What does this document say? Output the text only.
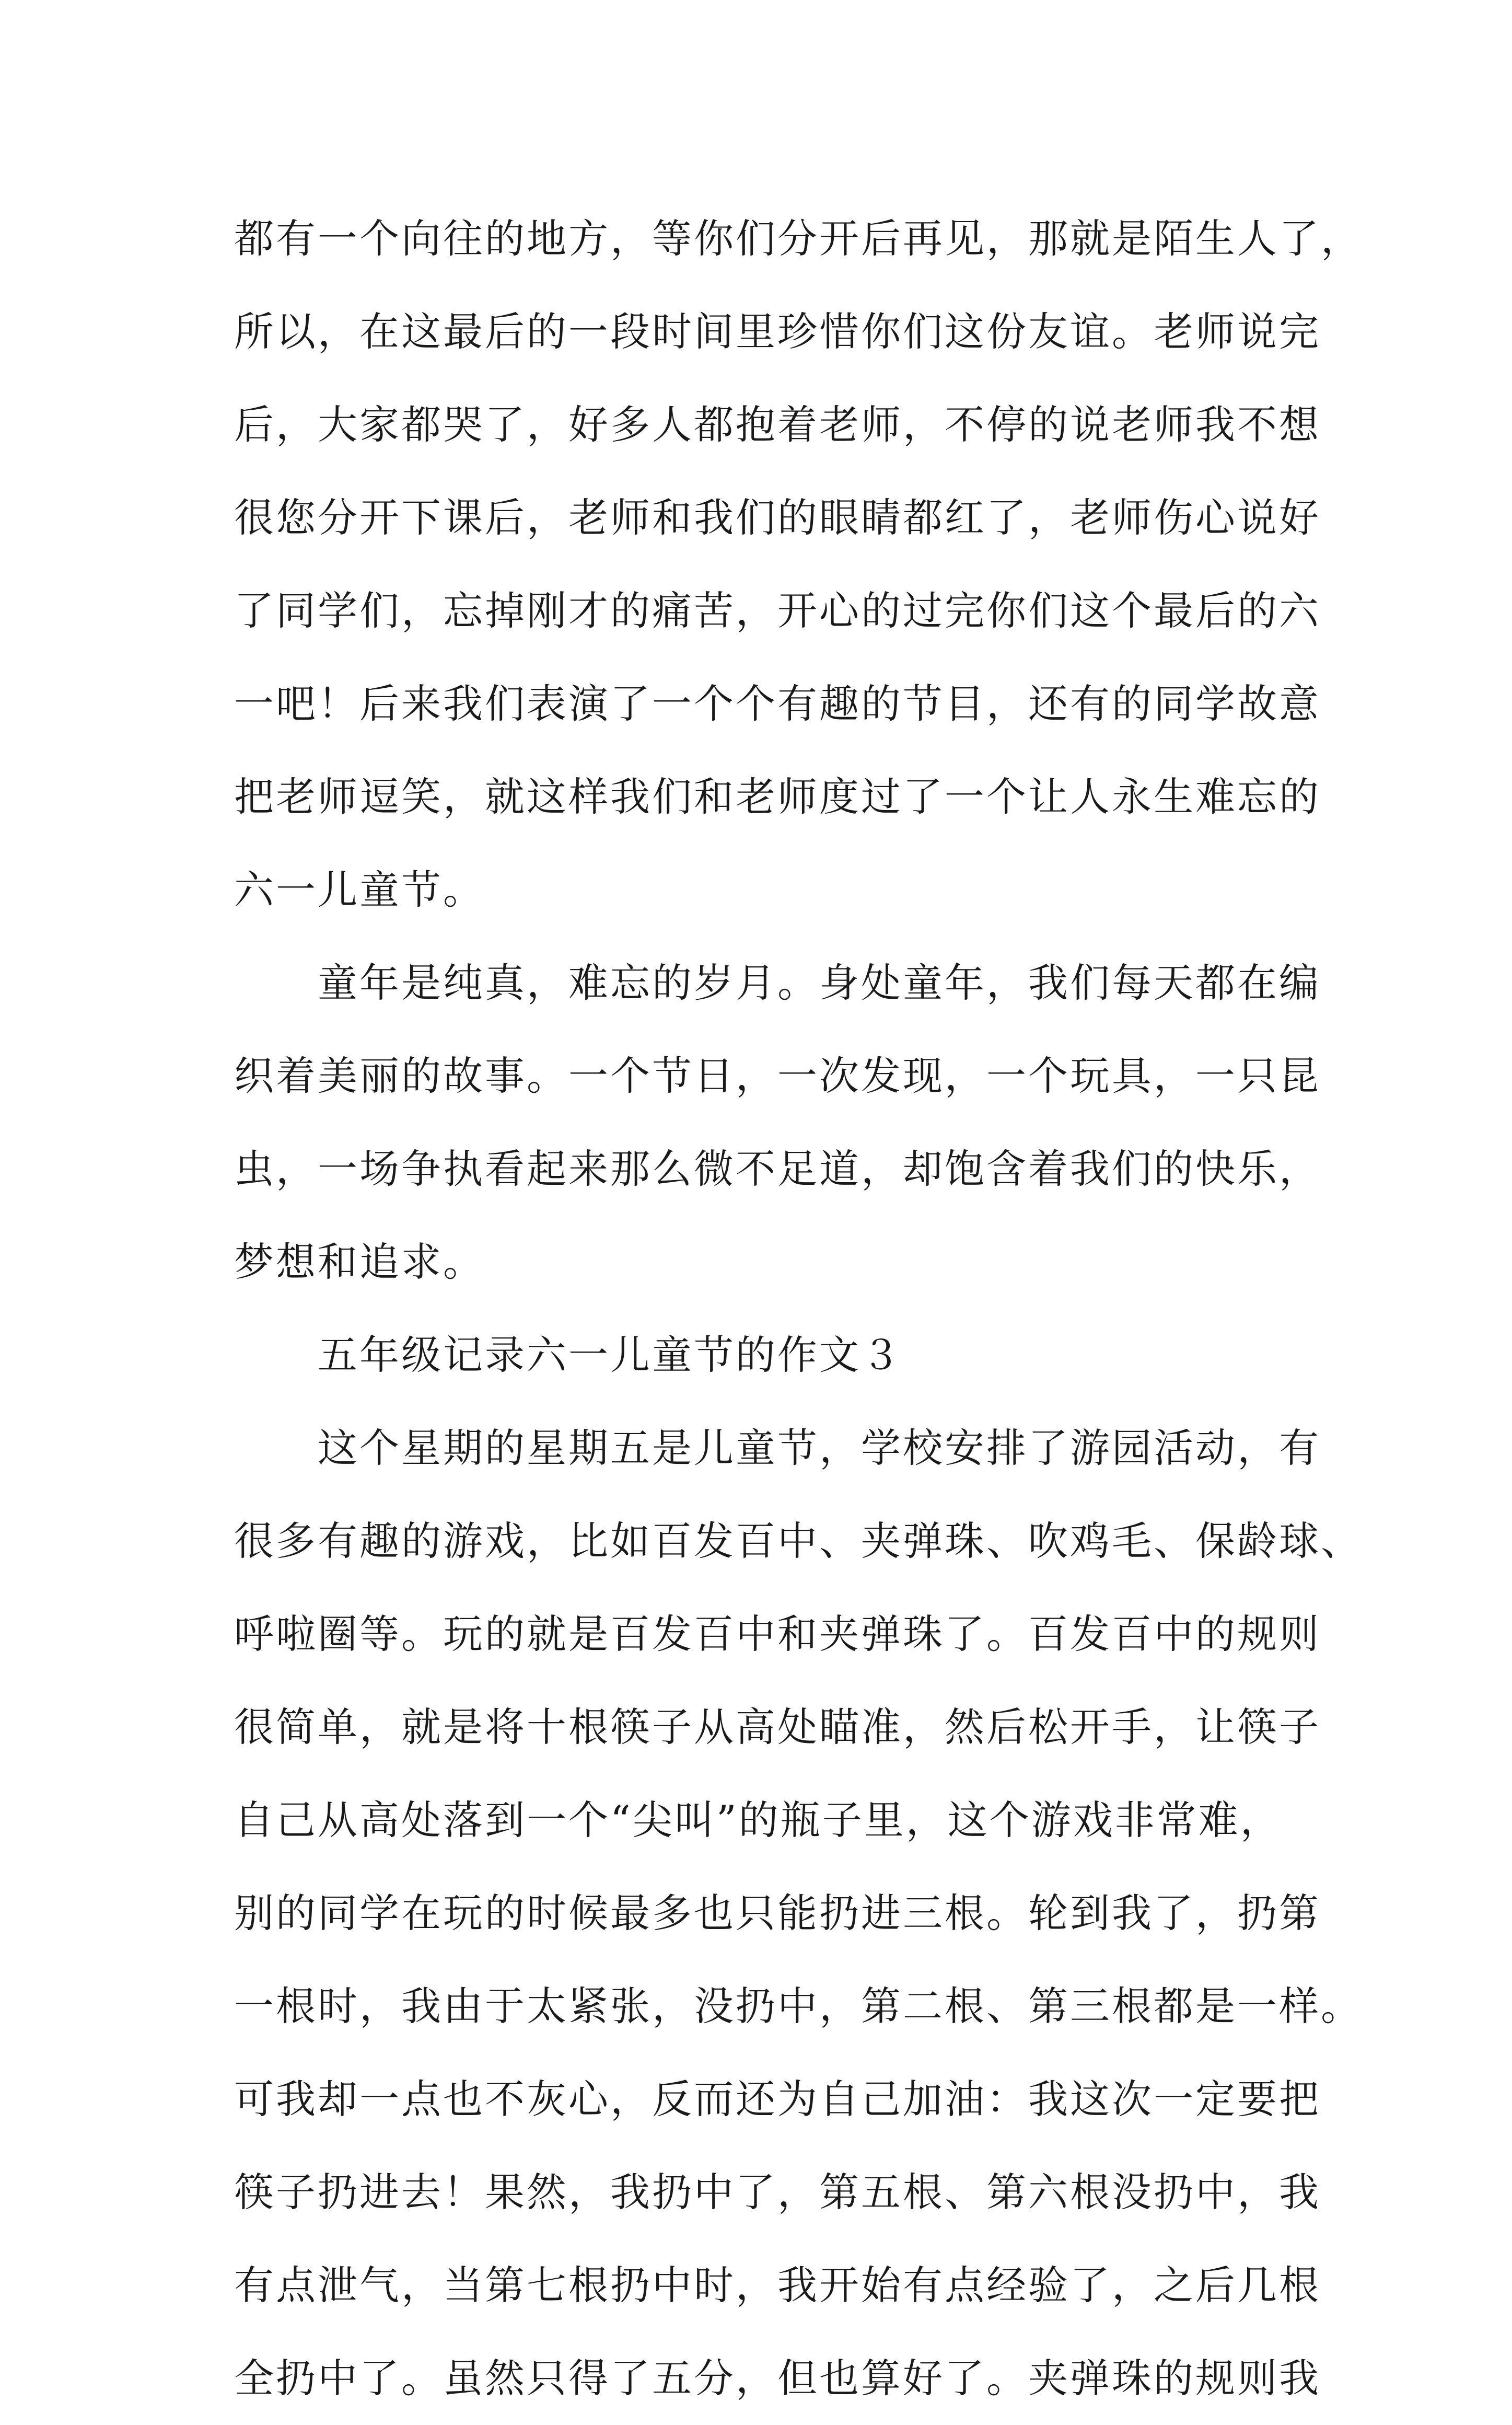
都有一个向往的地方，等你们分开后再见，那就是陌生人了，
所以，在这最后的一段时间里珍惜你们这份友谊。老师说完
后，大家都哭了，好多人都抱着老师，不停的说老师我不想
很您分开下课后，老师和我们的眼睛都红了，老师伤心说好
了同学们，忘掉刚才的痛苦，开心的过完你们这个最后的六
一吧！后来我们表演了一个个有趣的节目，还有的同学故意
把老师逗笑，就这样我们和老师度过了一个让人永生难忘的
六一儿童节。
　　童年是纯真，难忘的岁月。身处童年，我们每天都在编
织着美丽的故事。一个节日，一次发现，一个玩具，一只昆
虫，一场争执看起来那么微不足道，却饱含着我们的快乐，
梦想和追求。
　　五年级记录六一儿童节的作文３
　　这个星期的星期五是儿童节，学校安排了游园活动，有
很多有趣的游戏，比如百发百中、夹弹珠、吹鸡毛、保龄球、
呼啦圈等。玩的就是百发百中和夹弹珠了。百发百中的规则
很简单，就是将十根筷子从高处瞄准，然后松开手，让筷子
自己从高处落到一个“尖叫”的瓶子里，这个游戏非常难，
别的同学在玩的时候最多也只能扔进三根。轮到我了，扔第
一根时，我由于太紧张，没扔中，第二根、第三根都是一样。
可我却一点也不灰心，反而还为自己加油：我这次一定要把
筷子扔进去！果然，我扔中了，第五根、第六根没扔中，我
有点泄气，当第七根扔中时，我开始有点经验了，之后几根
全扔中了。虽然只得了五分，但也算好了。夹弹珠的规则我
